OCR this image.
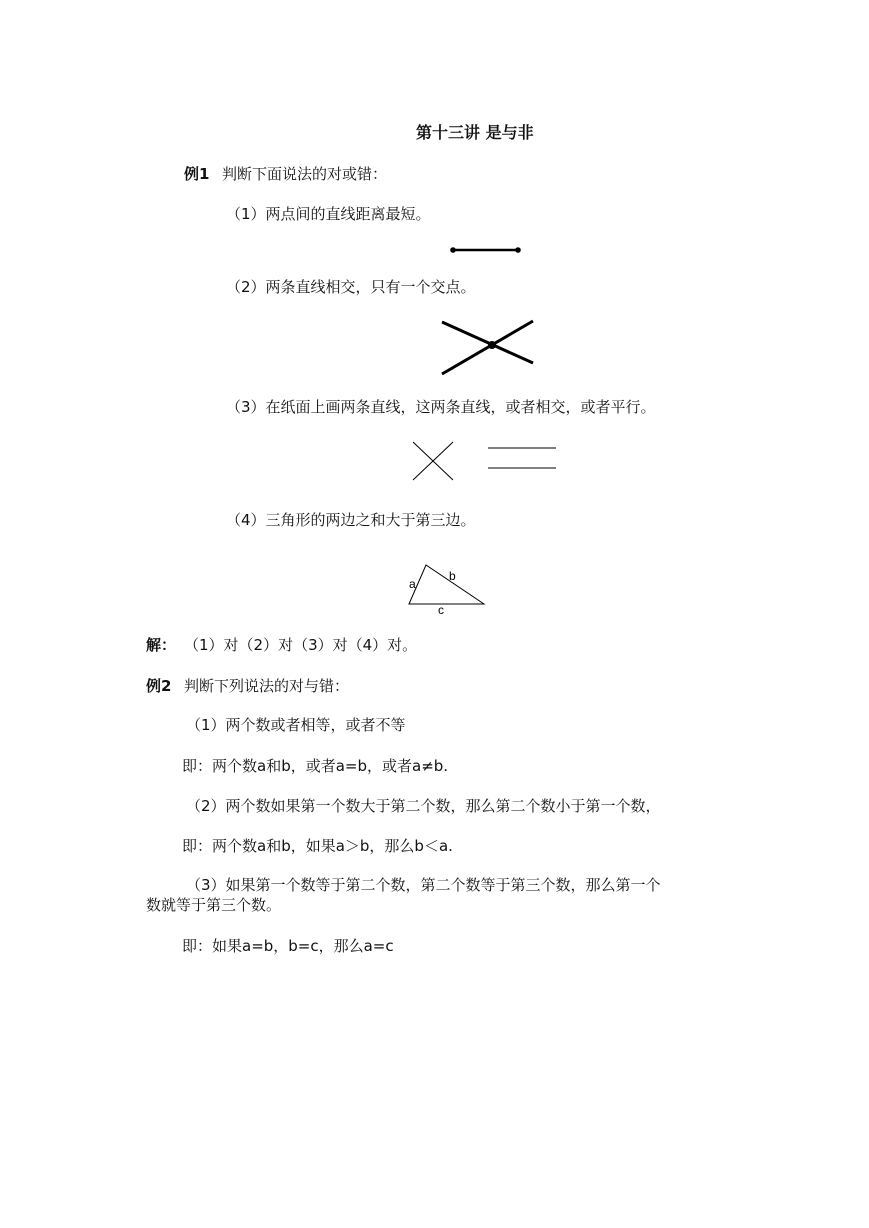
第十三讲 是与非
例1 判断下面说法的对或错：
（1）两点间的直线距离最短。
（2）两条直线相交，只有一个交点。
（3）在纸面上画两条直线，这两条直线，或者相交，或者平行。
（4）三角形的两边之和大于第三边。
a
b
c
解： （1）对（2）对（3）对（4）对。
例2 判断下列说法的对与错：
（1）两个数或者相等，或者不等
即：两个数a和b，或者a=b，或者a≠b.
（2）两个数如果第一个数大于第二个数，那么第二个数小于第一个数，
即：两个数a和b，如果a＞b，那么b＜a.
（3）如果第一个数等于第二个数，第二个数等于第三个数，那么第一个
数就等于第三个数。
即：如果a=b，b=c，那么a=c
